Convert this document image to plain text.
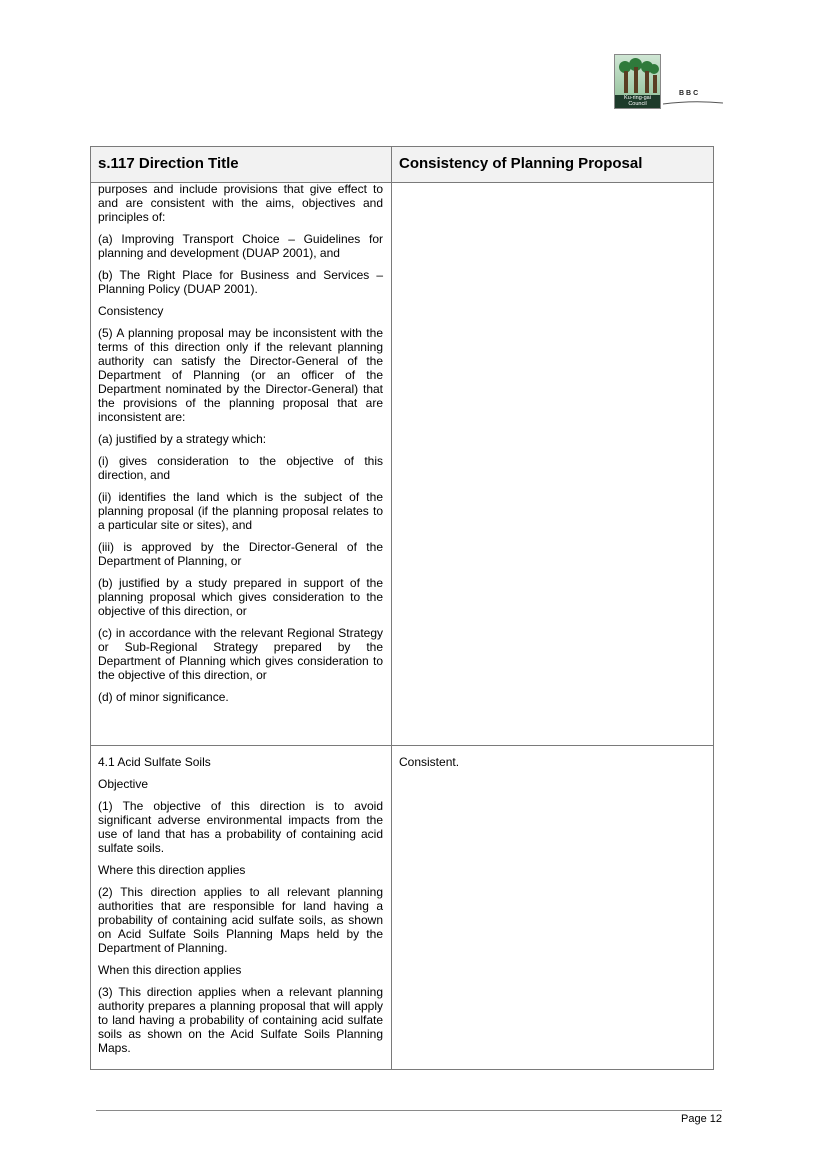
Ku-ring-gai Council
BBC
s.117 Direction Title	Consistency of Planning Proposal

purposes and include provisions that give effect to and are consistent with the aims, objectives and principles of:

(a) Improving Transport Choice – Guidelines for planning and development (DUAP 2001), and

(b) The Right Place for Business and Services – Planning Policy (DUAP 2001).

Consistency

(5) A planning proposal may be inconsistent with the terms of this direction only if the relevant planning authority can satisfy the Director-General of the Department of Planning (or an officer of the Department nominated by the Director-General) that the provisions of the planning proposal that are inconsistent are:

(a) justified by a strategy which:

(i) gives consideration to the objective of this direction, and

(ii) identifies the land which is the subject of the planning proposal (if the planning proposal relates to a particular site or sites), and

(iii) is approved by the Director-General of the Department of Planning, or

(b) justified by a study prepared in support of the planning proposal which gives consideration to the objective of this direction, or

(c) in accordance with the relevant Regional Strategy or Sub-Regional Strategy prepared by the Department of Planning which gives consideration to the objective of this direction, or

(d) of minor significance.

4.1 Acid Sulfate Soils

Objective

(1) The objective of this direction is to avoid significant adverse environmental impacts from the use of land that has a probability of containing acid sulfate soils.

Where this direction applies

(2) This direction applies to all relevant planning authorities that are responsible for land having a probability of containing acid sulfate soils, as shown on Acid Sulfate Soils Planning Maps held by the Department of Planning.

When this direction applies

(3) This direction applies when a relevant planning authority prepares a planning proposal that will apply to land having a probability of containing acid sulfate soils as shown on the Acid Sulfate Soils Planning Maps.

Consistent.

Page 12
